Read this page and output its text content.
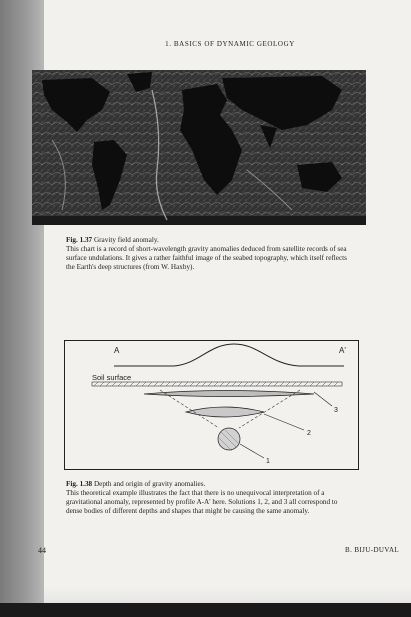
1. BASICS OF DYNAMIC GEOLOGY
Fig. 1.37 Gravity field anomaly.
This chart is a record of short-wavelength gravity anomalies deduced from satellite records of sea surface undulations. It gives a rather faithful image of the seabed topography, which itself reflects the Earth's deep structures (from W. Haxby).
A	A'
Soil surface
3
2
1
Fig. 1.38 Depth and origin of gravity anomalies.
This theoretical example illustrates the fact that there is no unequivocal interpretation of a gravitational anomaly, represented by profile A-A' here. Solutions 1, 2, and 3 all correspond to dense bodies of different depths and shapes that might be causing the same anomaly.
44	B. BIJU-DUVAL
